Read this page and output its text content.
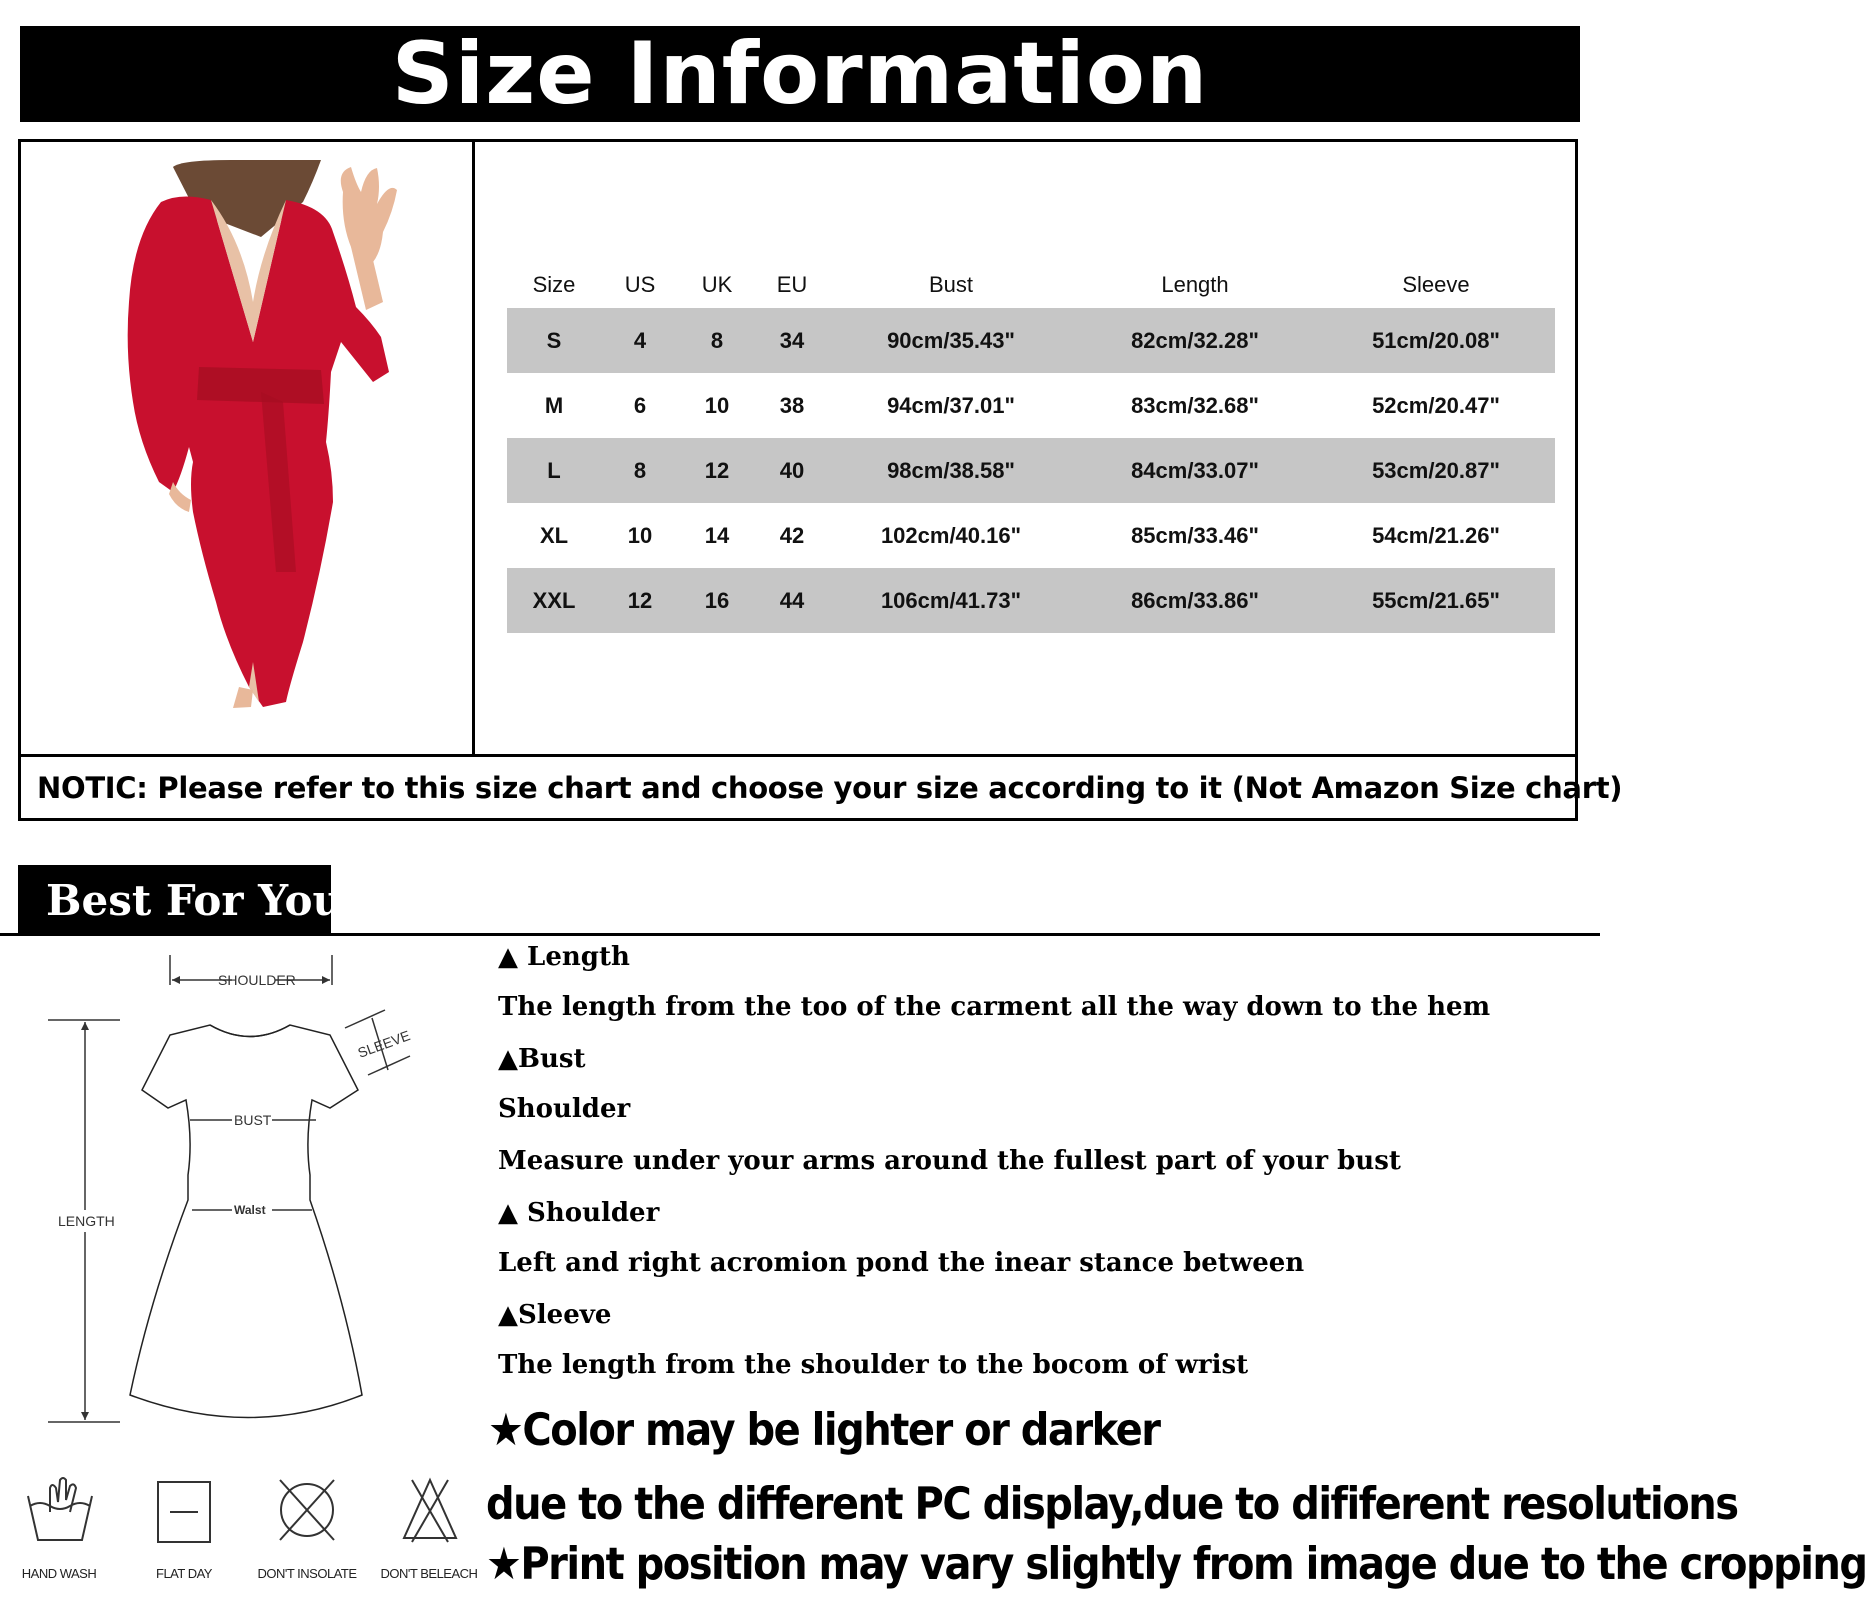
Size Information
NOTIC: Please refer to this size chart and choose your size according to it (Not Amazon Size chart)
Size	US	UK	EU	Bust	Length	Sleeve
S	4	8	34	90cm/35.43"	82cm/32.28"	51cm/20.08"
M	6	10	38	94cm/37.01"	83cm/32.68"	52cm/20.47"
L	8	12	40	98cm/38.58"	84cm/33.07"	53cm/20.87"
XL	10	14	42	102cm/40.16"	85cm/33.46"	54cm/21.26"
XXL	12	16	44	106cm/41.73"	86cm/33.86"	55cm/21.65"
Best For You
SHOULDER
LENGTH
BUST
Walst
SLEEVE
▲ Length
The length from the too of the carment all the way down to the hem
▲Bust
Shoulder
Measure under your arms around the fullest part of your bust
▲ Shoulder
Left and right acromion pond the inear stance between
▲Sleeve
The length from the shoulder to the bocom of wrist
★Color may be lighter or darker
due to the different PC display,due to dififerent resolutions
★Print position may vary slightly from image due to the cropping
HAND WASH	FLAT DAY	DON'T INSOLATE	DON'T BELEACH
